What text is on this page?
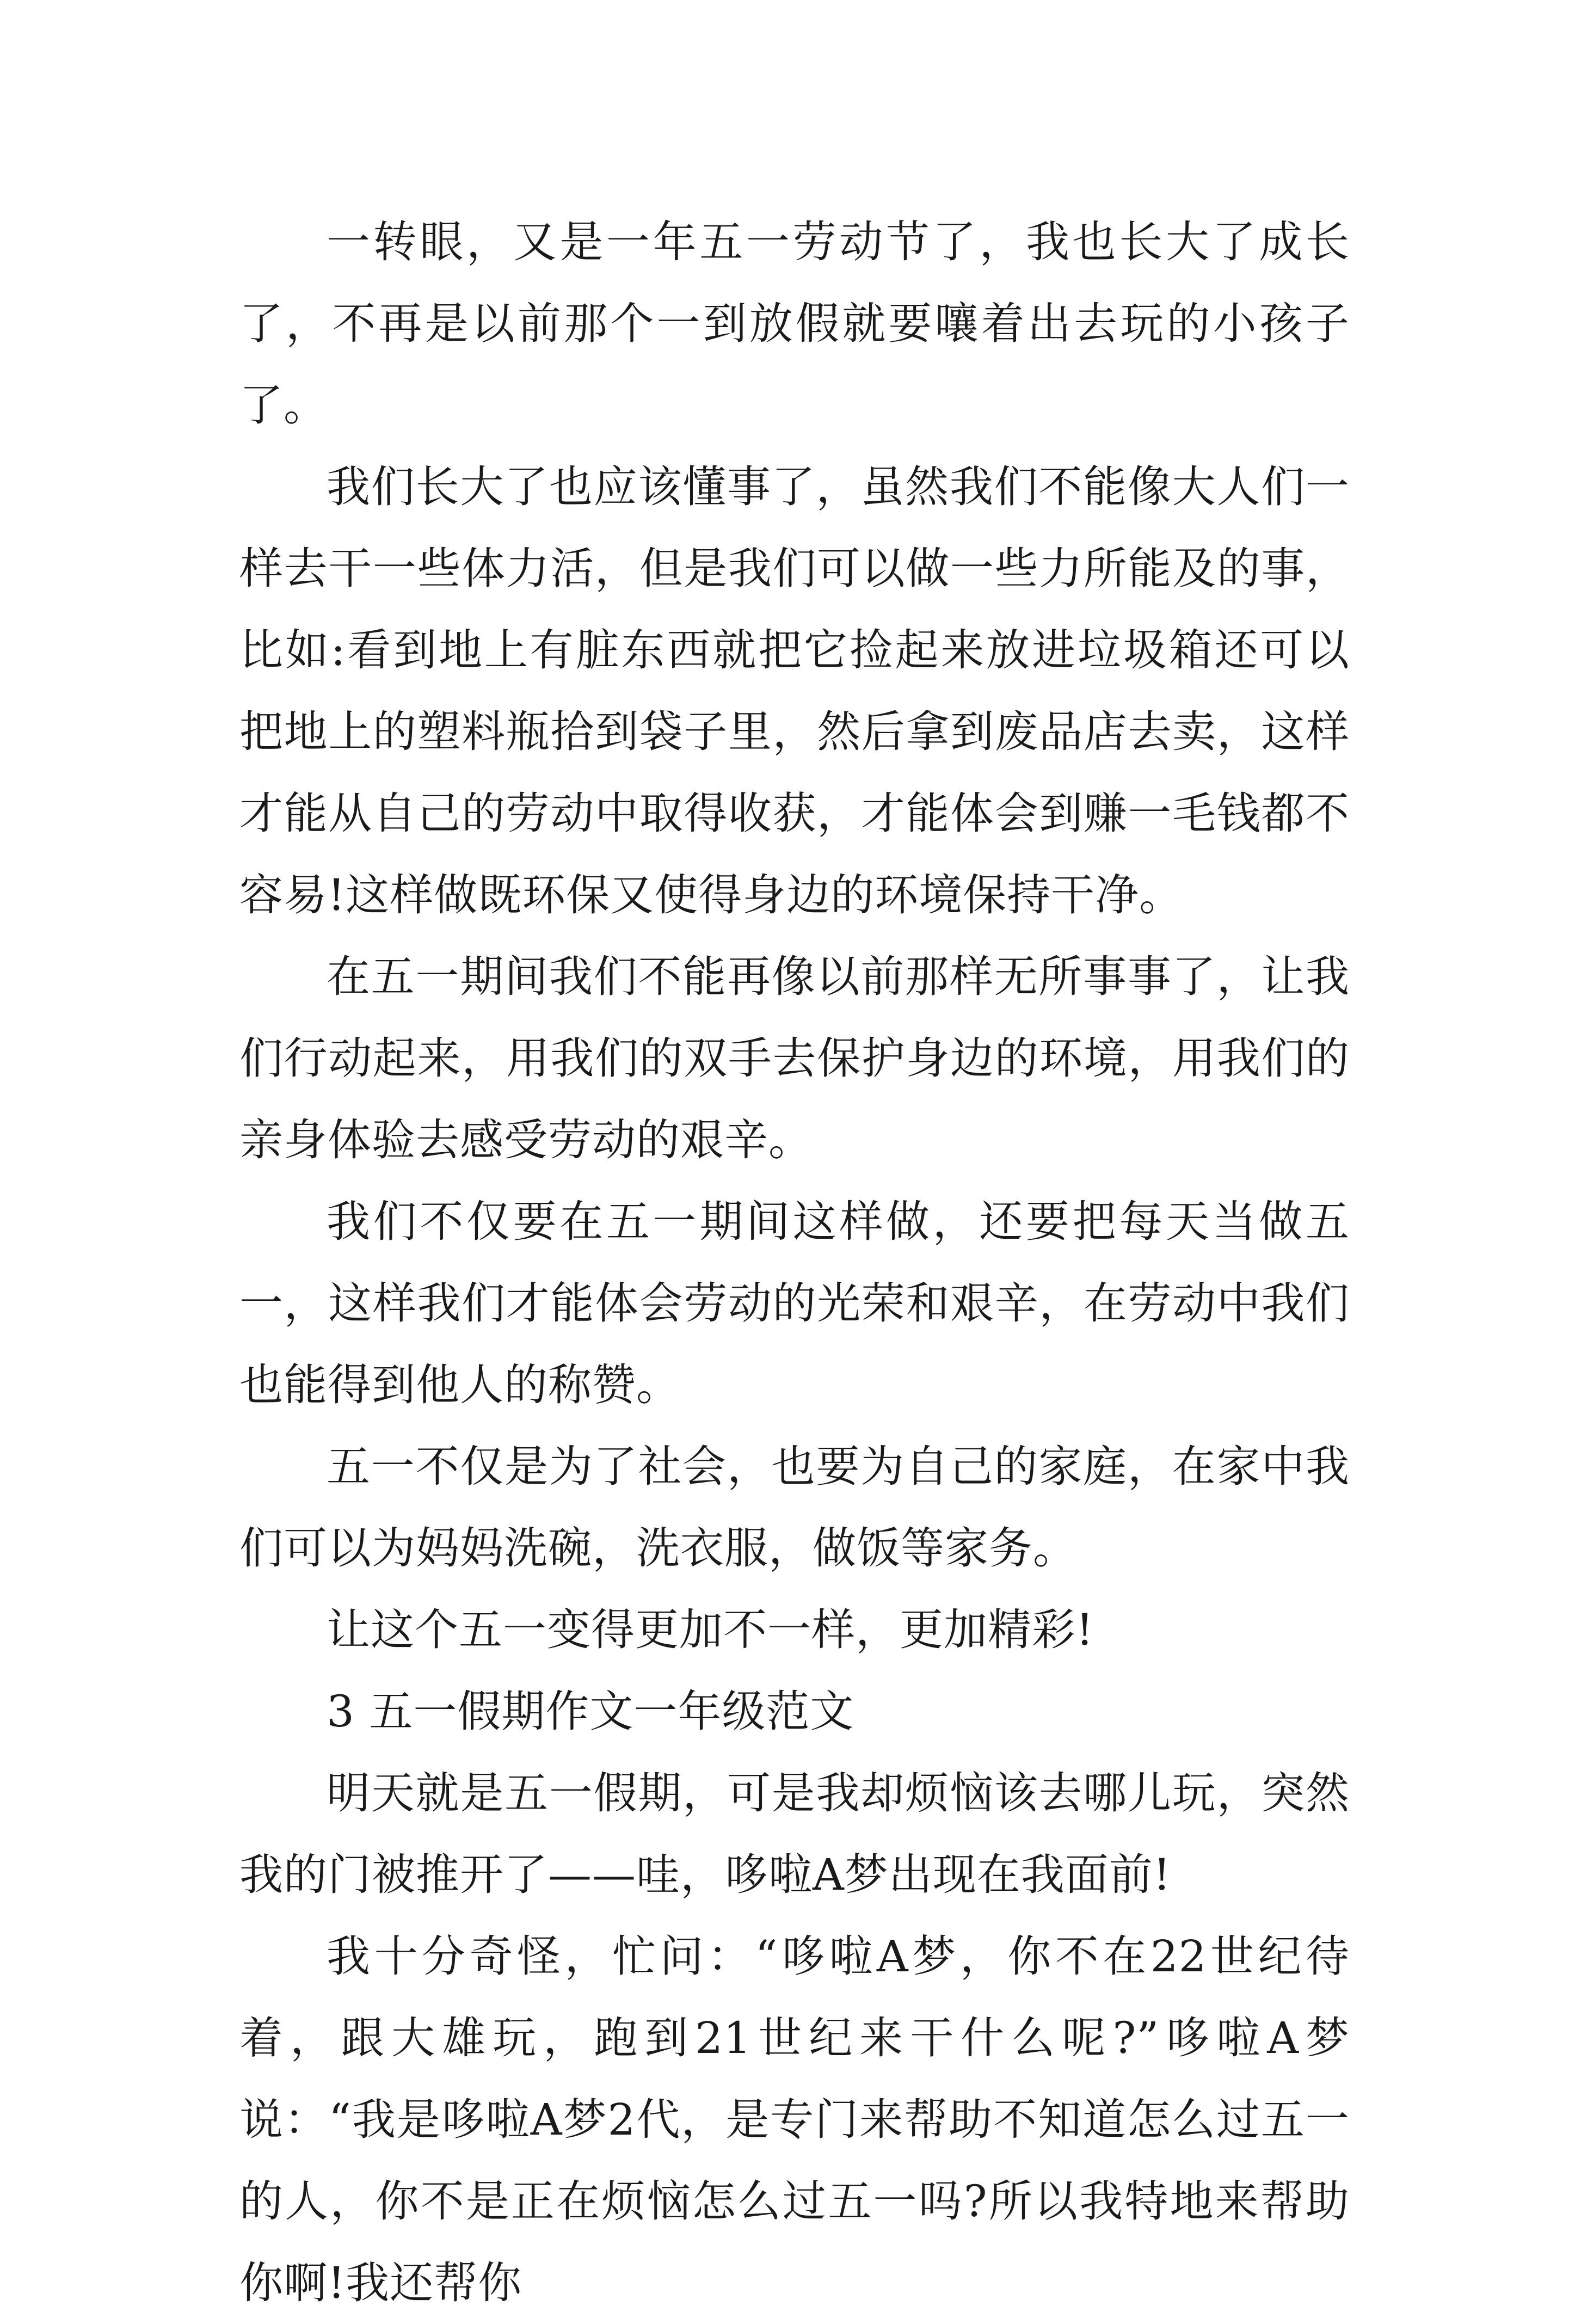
一转眼，又是一年五一劳动节了，我也长大了成长了，不再是以前那个一到放假就要嚷着出去玩的小孩子了。

我们长大了也应该懂事了，虽然我们不能像大人们一样去干一些体力活，但是我们可以做一些力所能及的事，比如:看到地上有脏东西就把它捡起来放进垃圾箱还可以把地上的塑料瓶拾到袋子里，然后拿到废品店去卖，这样才能从自己的劳动中取得收获，才能体会到赚一毛钱都不容易!这样做既环保又使得身边的环境保持干净。

在五一期间我们不能再像以前那样无所事事了，让我们行动起来，用我们的双手去保护身边的环境，用我们的亲身体验去感受劳动的艰辛。

我们不仅要在五一期间这样做，还要把每天当做五一，这样我们才能体会劳动的光荣和艰辛，在劳动中我们也能得到他人的称赞。

五一不仅是为了社会，也要为自己的家庭，在家中我们可以为妈妈洗碗，洗衣服，做饭等家务。

让这个五一变得更加不一样，更加精彩!

3 五一假期作文一年级范文

明天就是五一假期，可是我却烦恼该去哪儿玩，突然我的门被推开了——哇，哆啦A梦出现在我面前!

我十分奇怪，忙问：“哆啦A梦，你不在22世纪待着，跟大雄玩，跑到21世纪来干什么呢?”哆啦A梦说：“我是哆啦A梦2代，是专门来帮助不知道怎么过五一的人，你不是正在烦恼怎么过五一吗?所以我特地来帮助你啊!我还帮你
